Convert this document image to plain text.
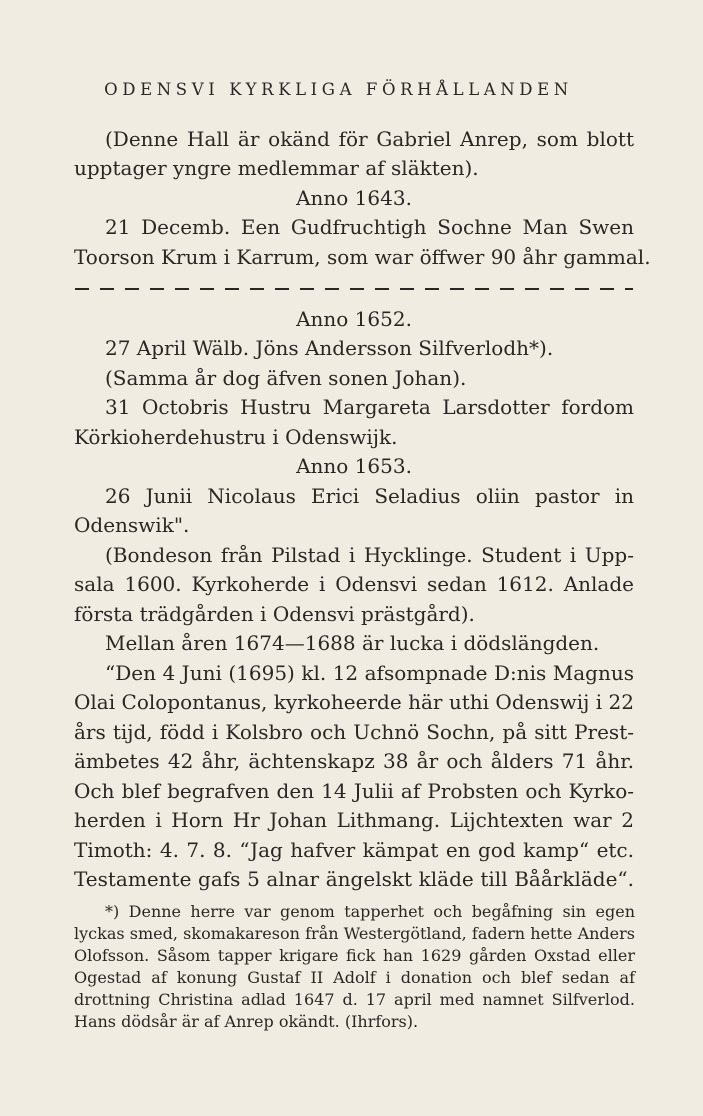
ODENSVI KYRKLIGA FÖRHÅLLANDEN
(Denne Hall är okänd för Gabriel Anrep, som blott
upptager yngre medlemmar af släkten).
Anno 1643.
21 Decemb. Een Gudfruchtigh Sochne Man Swen
Toorson Krum i Karrum, som war öffwer 90 åhr gammal.
Anno 1652.
27 April Wälb. Jöns Andersson Silfverlodh*).
(Samma år dog äfven sonen Johan).
31 Octobris Hustru Margareta Larsdotter fordom
Körkioherdehustru i Odenswijk.
Anno 1653.
26 Junii Nicolaus Erici Seladius oliin pastor in
Odenswik".
(Bondeson från Pilstad i Hycklinge. Student i Upp-
sala 1600. Kyrkoherde i Odensvi sedan 1612. Anlade
första trädgården i Odensvi prästgård).
Mellan åren 1674—1688 är lucka i dödslängden.
“Den 4 Juni (1695) kl. 12 afsompnade D:nis Magnus
Olai Colopontanus, kyrkoheerde här uthi Odenswij i 22
års tijd, född i Kolsbro och Uchnö Sochn, på sitt Prest-
ämbetes 42 åhr, ächtenskapz 38 år och ålders 71 åhr.
Och blef begrafven den 14 Julii af Probsten och Kyrko-
herden i Horn Hr Johan Lithmang. Lijchtexten war 2
Timoth: 4. 7. 8. “Jag hafver kämpat en god kamp“ etc.
Testamente gafs 5 alnar ängelskt kläde till Båårkläde“.
*) Denne herre var genom tapperhet och begåfning sin egen
lyckas smed, skomakareson från Westergötland, fadern hette Anders
Olofsson. Såsom tapper krigare fick han 1629 gården Oxstad eller
Ogestad af konung Gustaf II Adolf i donation och blef sedan af
drottning Christina adlad 1647 d. 17 april med namnet Silfverlod.
Hans dödsår är af Anrep okändt. (Ihrfors).
